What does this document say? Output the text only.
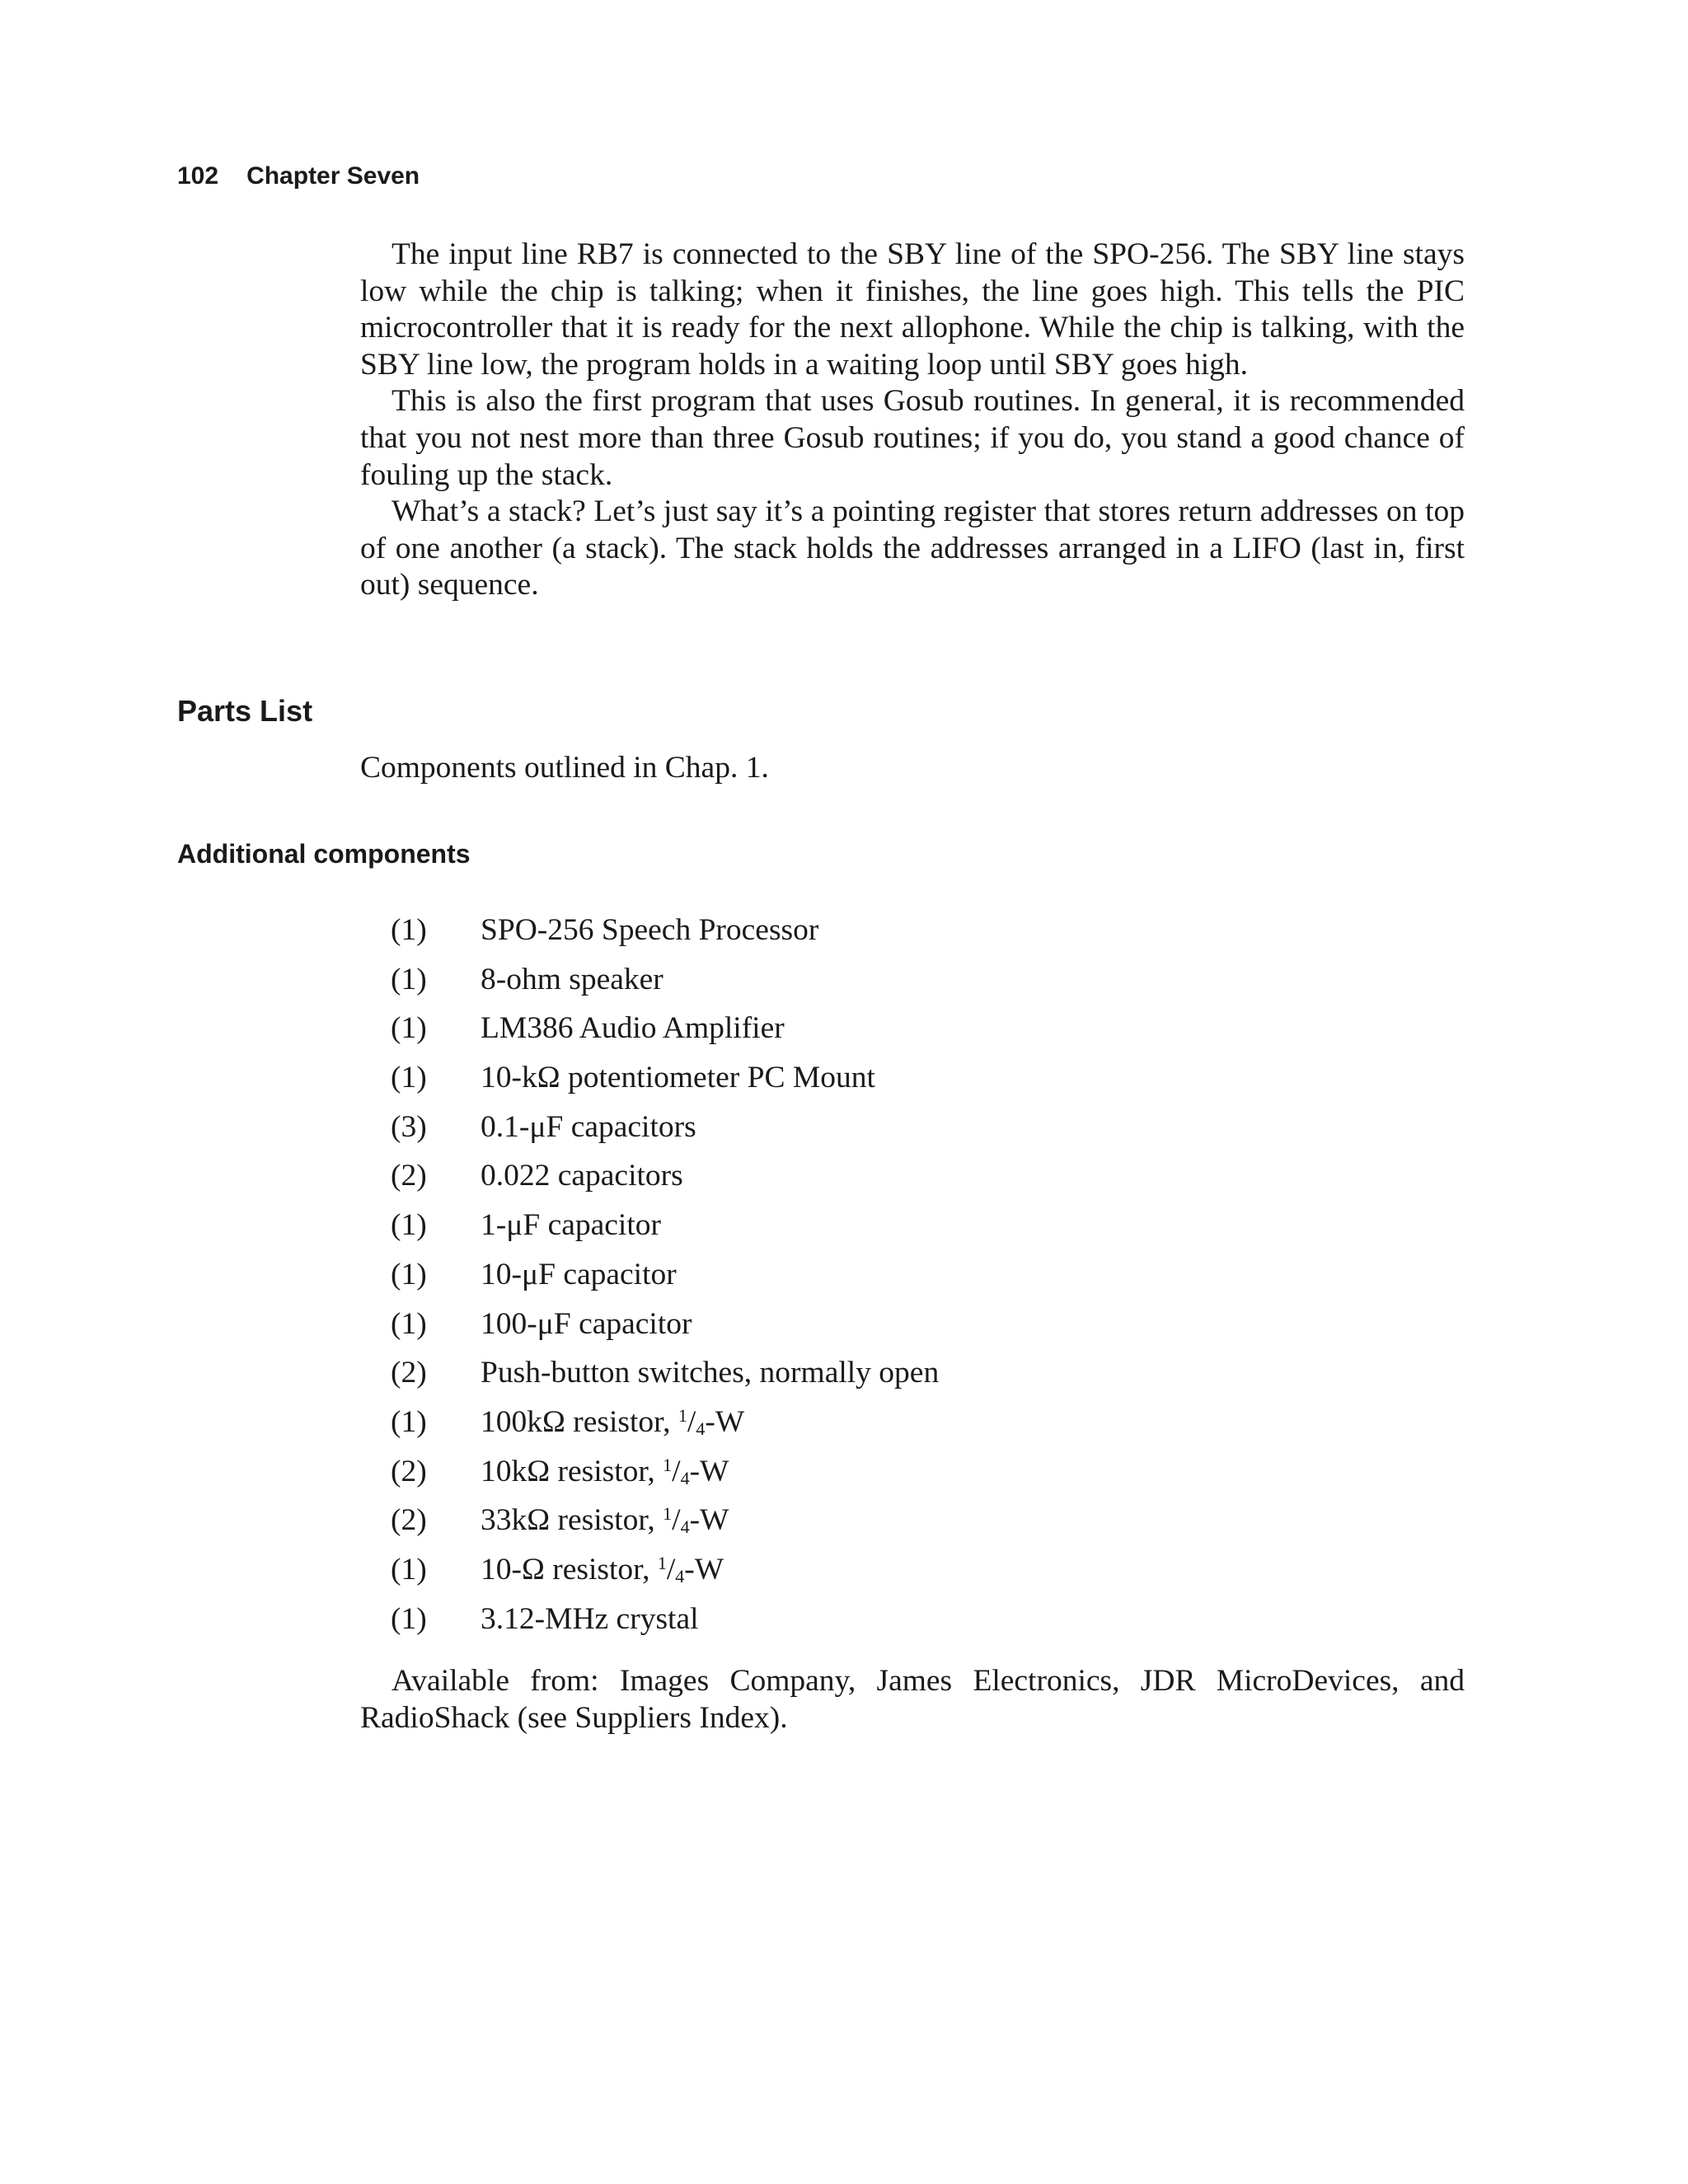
102 Chapter Seven

The input line RB7 is connected to the SBY line of the SPO-256. The SBY line stays low while the chip is talking; when it finishes, the line goes high. This tells the PIC microcontroller that it is ready for the next allophone. While the chip is talking, with the SBY line low, the program holds in a waiting loop until SBY goes high.

This is also the first program that uses Gosub routines. In general, it is recommended that you not nest more than three Gosub routines; if you do, you stand a good chance of fouling up the stack.

What’s a stack? Let’s just say it’s a pointing register that stores return addresses on top of one another (a stack). The stack holds the addresses arranged in a LIFO (last in, first out) sequence.

Parts List

Components outlined in Chap. 1.

Additional components
(1) SPO-256 Speech Processor
(1) 8-ohm speaker
(1) LM386 Audio Amplifier
(1) 10-kΩ potentiometer PC Mount
(3) 0.1-μF capacitors
(2) 0.022 capacitors
(1) 1-μF capacitor
(1) 10-μF capacitor
(1) 100-μF capacitor
(2) Push-button switches, normally open
(1) 100kΩ resistor, $^1/_4-W$
(2) 10kΩ resistor, $^1/_4-W$
(2) 33kΩ resistor, $^1/_4-W$
(1) 10-Ω resistor, $^1/_4-W$
(1) 3.12-MHz crystal

Available from: Images Company, James Electronics, JDR MicroDevices, and RadioShack (see Suppliers Index).
